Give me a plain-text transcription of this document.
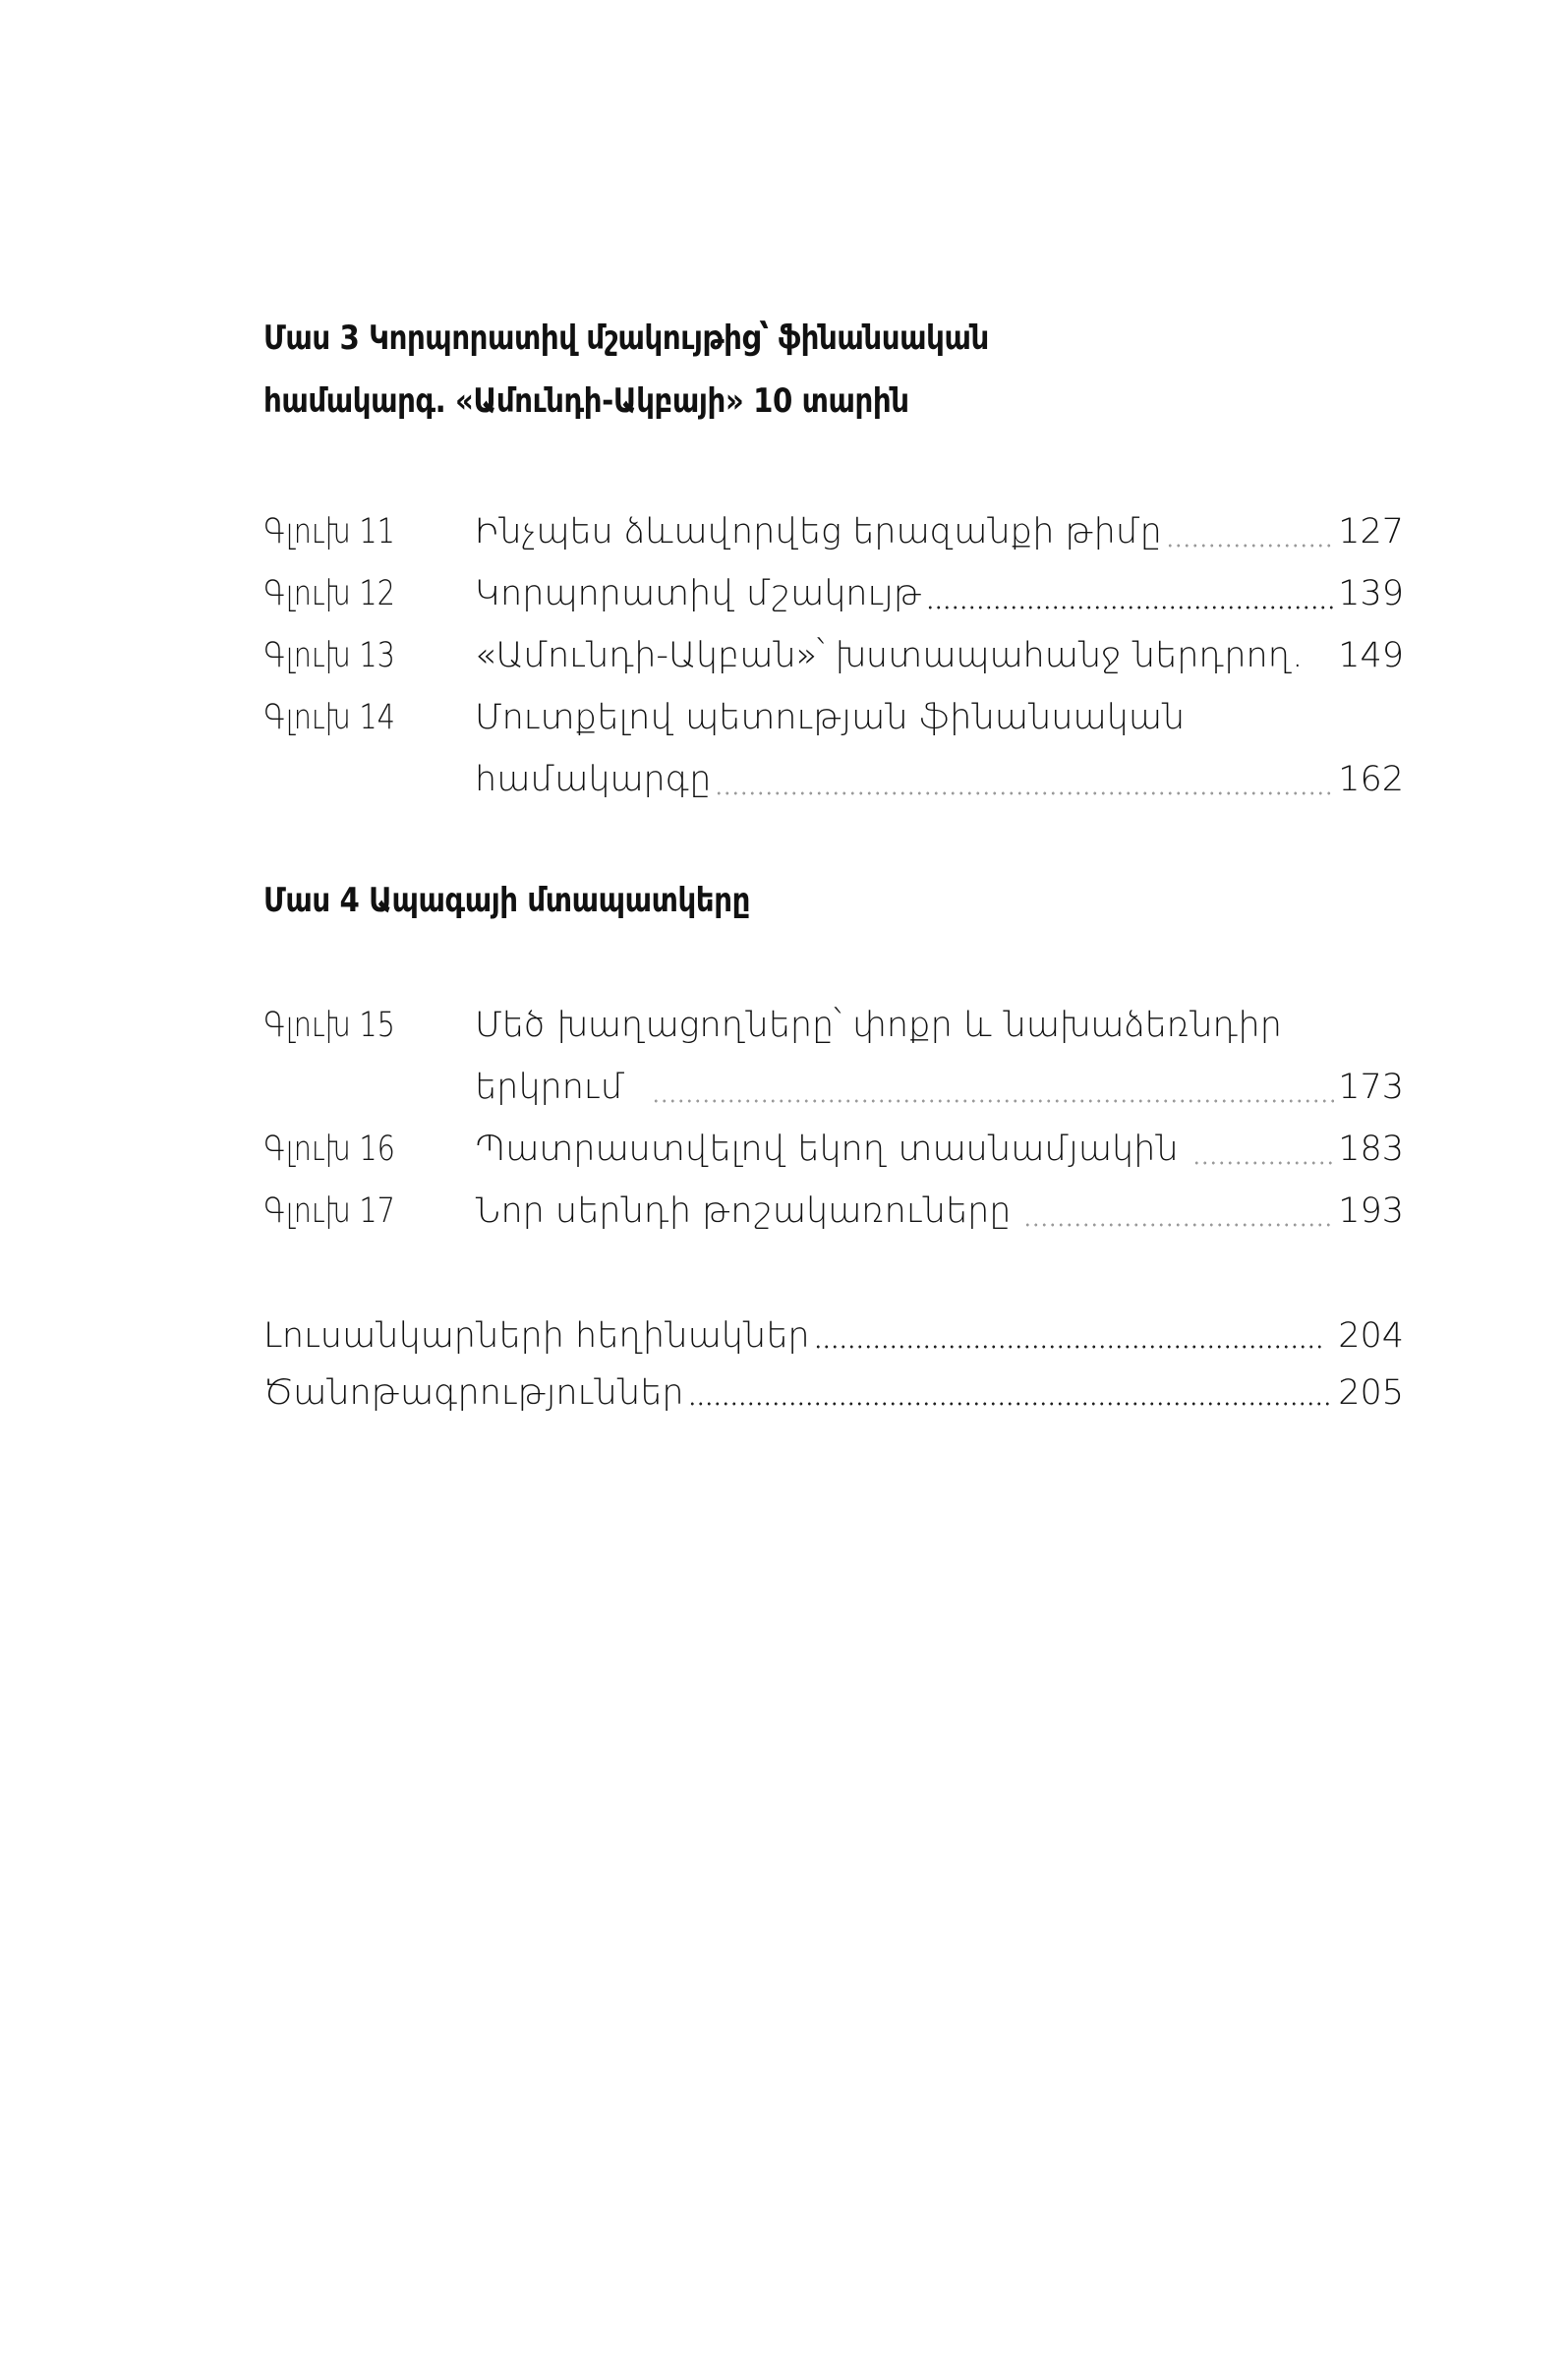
Մաս 3 Կորպորատիվ մշակույթից՝ ֆինանսական
համակարգ. «Ամունդի-Ակբայի» 10 տարին
Գլուխ 11 Ինչպես ձևավորվեց երազանքի թիմը	127
Գլուխ 12 Կորպորատիվ մշակույթ	139
Գլուխ 13 «Ամունդի-Ակբան»՝ խստապահանջ ներդրող. 149
Գլուխ 14 Մուտքելով պետության ֆինանսական
համակարգը	162
Մաս 4 Ապագայի մտապատկերը
Գլուխ 15 Մեծ խաղացողները՝ փոքր և նախաձեռնդիր
երկրում	173
Գլուխ 16 Պատրաստվելով եկող տասնամյակին	183
Գլուխ 17 Նոր սերնդի թոշակառուները	193
Լուսանկարների հեղինակներ	204
Ծանոթագրություններ	205
